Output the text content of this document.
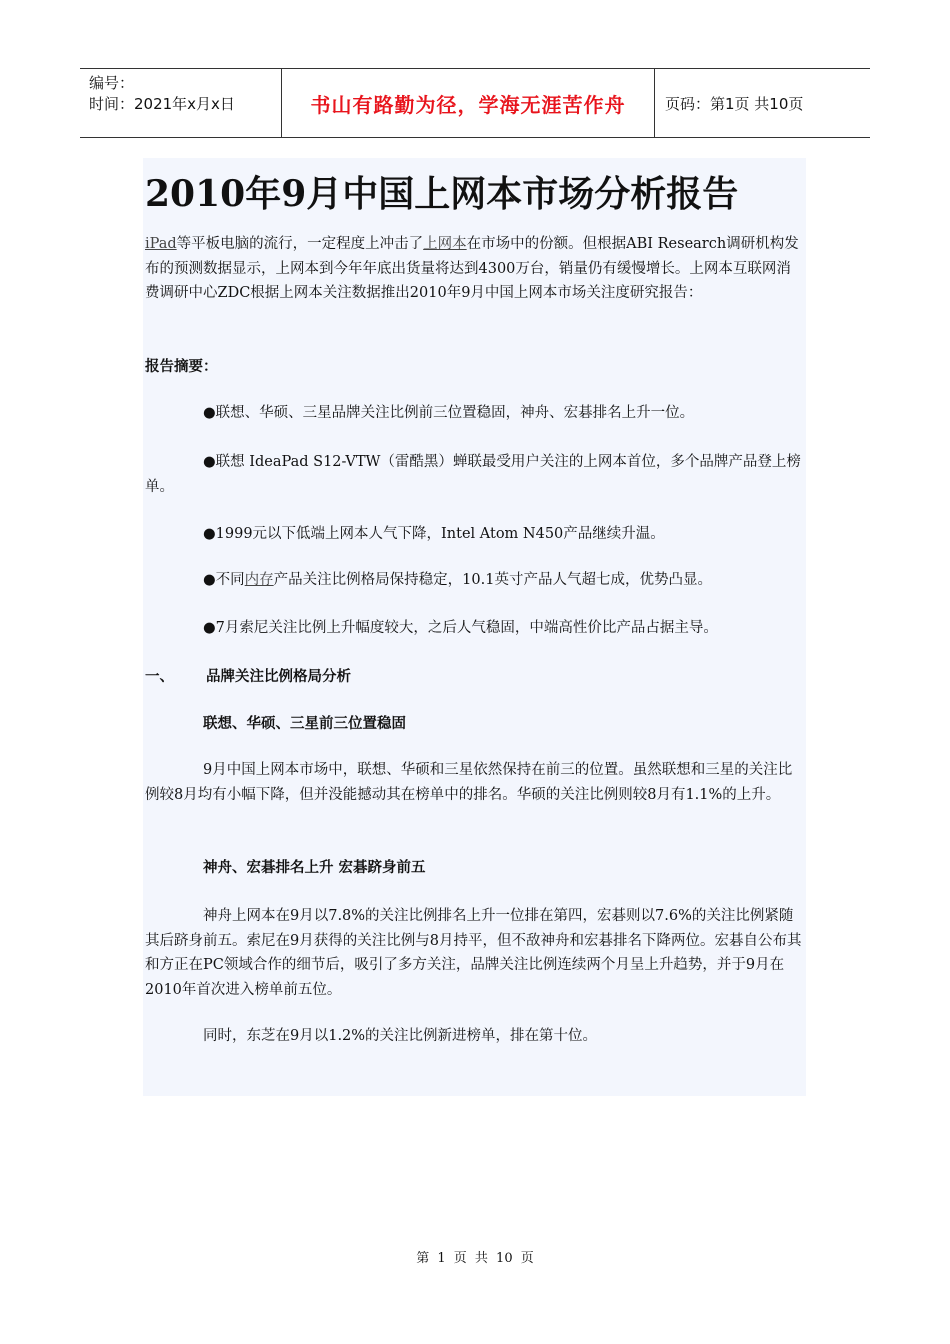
编号：
时间：2021年x月x日	书山有路勤为径，学海无涯苦作舟	页码：第1页 共10页
2010年9月中国上网本市场分析报告

iPad等平板电脑的流行，一定程度上冲击了上网本在市场中的份额。但根据ABI Research调研机构发布的预测数据显示，上网本到今年年底出货量将达到4300万台，销量仍有缓慢增长。上网本互联网消费调研中心ZDC根据上网本关注数据推出2010年9月中国上网本市场关注度研究报告：

报告摘要：

●联想、华硕、三星品牌关注比例前三位置稳固，神舟、宏碁排名上升一位。

●联想 IdeaPad S12-VTW（雷酷黑）蝉联最受用户关注的上网本首位，多个品牌产品登上榜单。

●1999元以下低端上网本人气下降，Intel Atom N450产品继续升温。

●不同内存产品关注比例格局保持稳定，10.1英寸产品人气超七成，优势凸显。

●7月索尼关注比例上升幅度较大，之后人气稳固，中端高性价比产品占据主导。

一、 品牌关注比例格局分析

联想、华硕、三星前三位置稳固

9月中国上网本市场中，联想、华硕和三星依然保持在前三的位置。虽然联想和三星的关注比例较8月均有小幅下降，但并没能撼动其在榜单中的排名。华硕的关注比例则较8月有1.1%的上升。

神舟、宏碁排名上升 宏碁跻身前五

神舟上网本在9月以7.8%的关注比例排名上升一位排在第四，宏碁则以7.6%的关注比例紧随其后跻身前五。索尼在9月获得的关注比例与8月持平，但不敌神舟和宏碁排名下降两位。宏碁自公布其和方正在PC领域合作的细节后，吸引了多方关注，品牌关注比例连续两个月呈上升趋势，并于9月在2010年首次进入榜单前五位。

同时，东芝在9月以1.2%的关注比例新进榜单，排在第十位。

第 1 页 共 10 页
